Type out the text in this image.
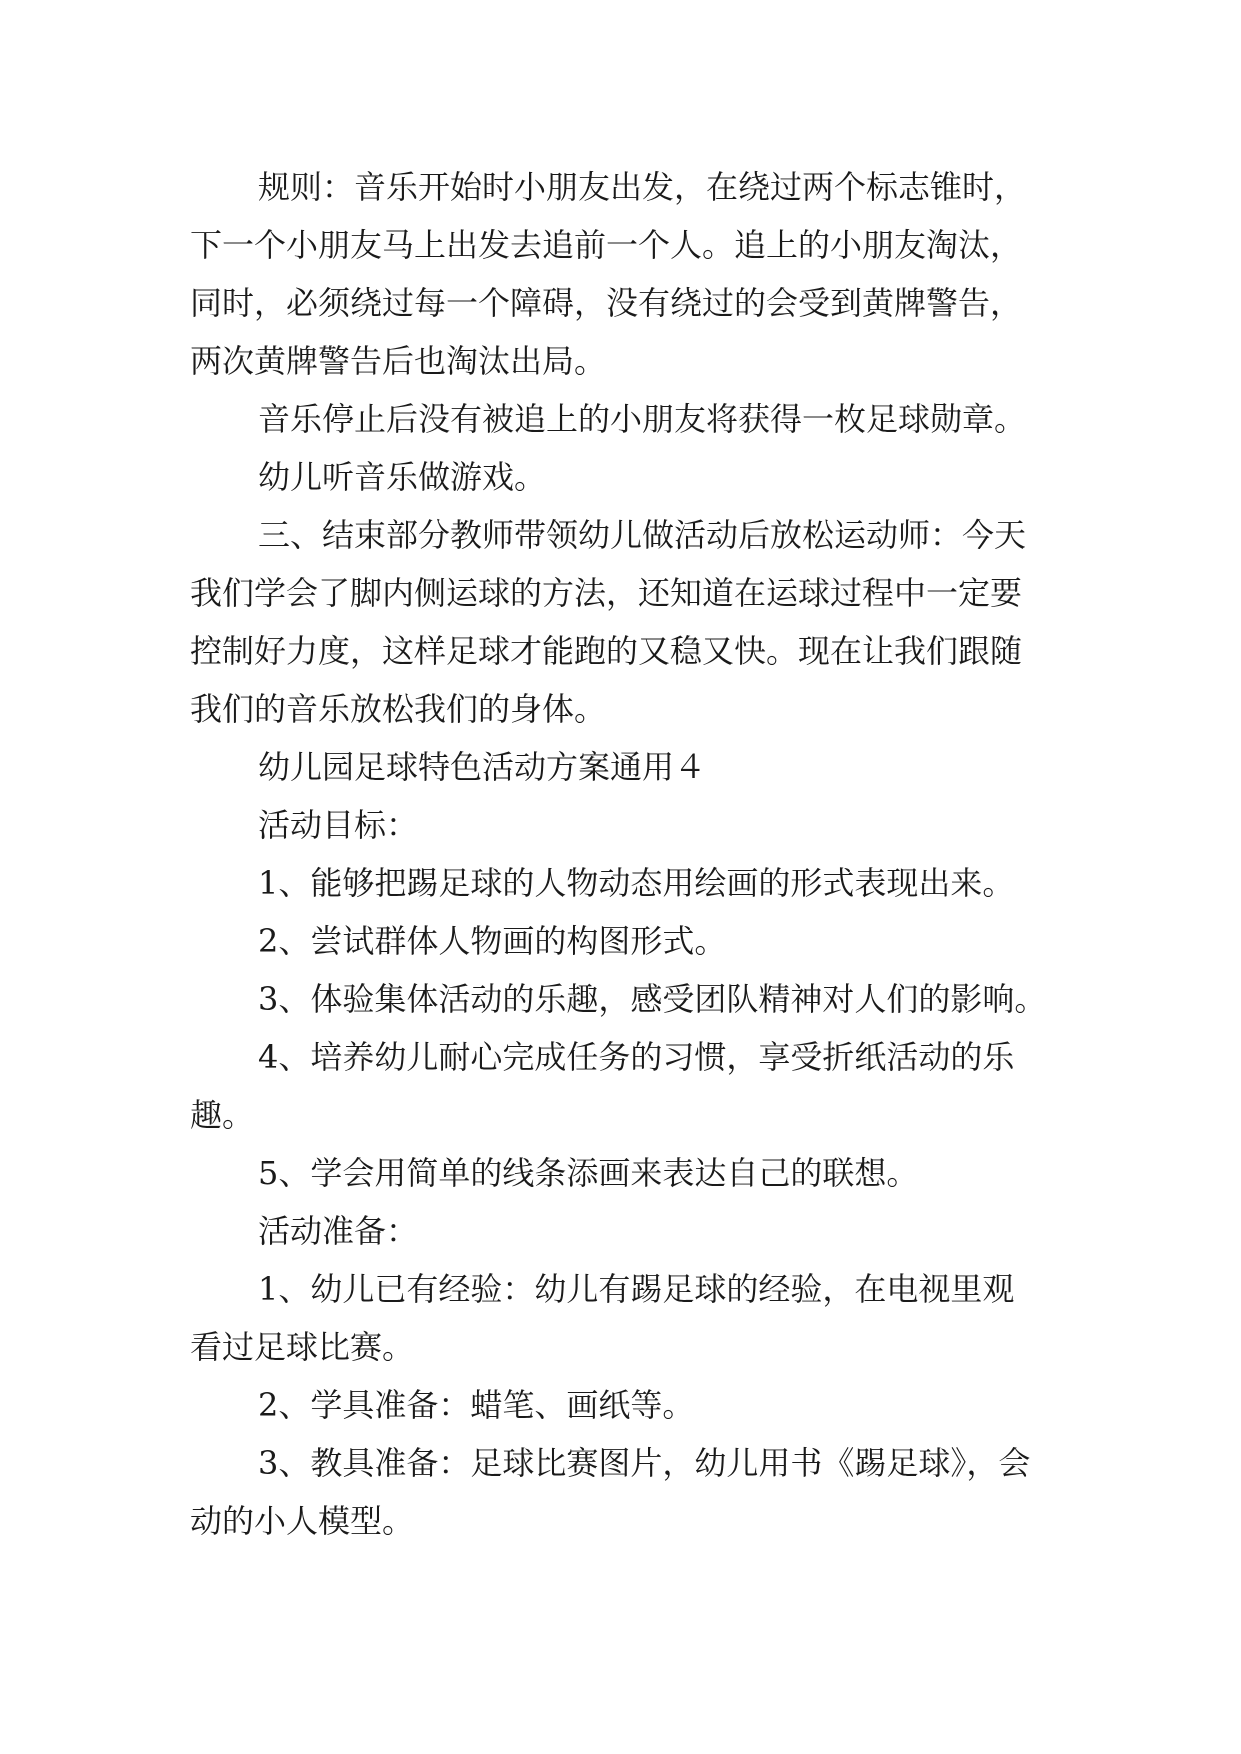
规则：音乐开始时小朋友出发，在绕过两个标志锥时，
下一个小朋友马上出发去追前一个人。追上的小朋友淘汰，
同时，必须绕过每一个障碍，没有绕过的会受到黄牌警告，
两次黄牌警告后也淘汰出局。
音乐停止后没有被追上的小朋友将获得一枚足球勋章。
幼儿听音乐做游戏。
三、结束部分教师带领幼儿做活动后放松运动师：今天
我们学会了脚内侧运球的方法，还知道在运球过程中一定要
控制好力度，这样足球才能跑的又稳又快。现在让我们跟随
我们的音乐放松我们的身体。
幼儿园足球特色活动方案通用４
活动目标：
1、能够把踢足球的人物动态用绘画的形式表现出来。
2、尝试群体人物画的构图形式。
3、体验集体活动的乐趣，感受团队精神对人们的影响。
4、培养幼儿耐心完成任务的习惯，享受折纸活动的乐
趣。
5、学会用简单的线条添画来表达自己的联想。
活动准备：
1、幼儿已有经验：幼儿有踢足球的经验，在电视里观
看过足球比赛。
2、学具准备：蜡笔、画纸等。
3、教具准备：足球比赛图片，幼儿用书《踢足球》，会
动的小人模型。
